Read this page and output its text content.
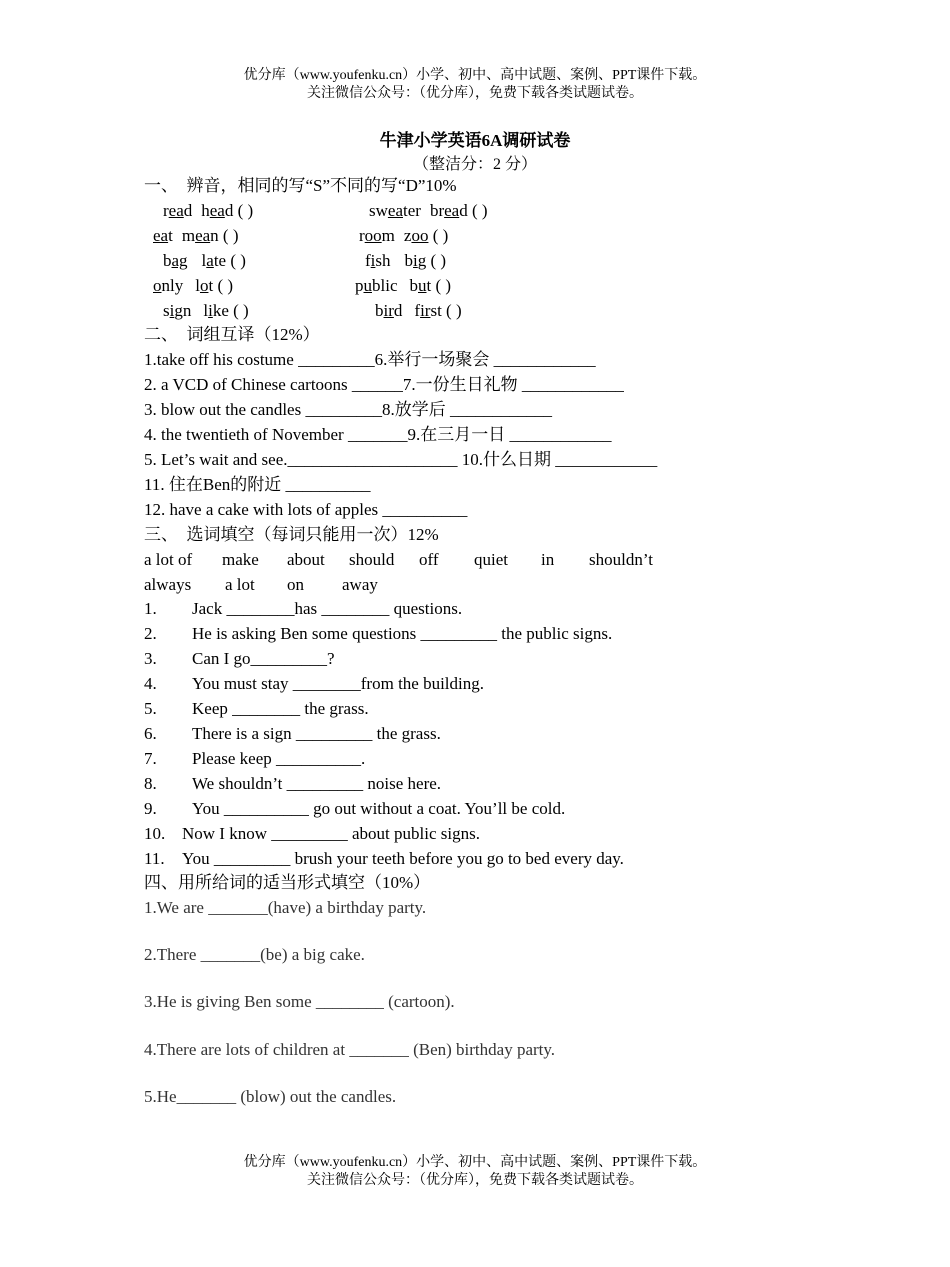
优分库（www.youfenku.cn）小学、初中、高中试题、案例、PPT课件下载。
关注微信公众号：（优分库），免费下载各类试题试卷。
牛津小学英语6A调研试卷
（整洁分：2 分）
一、　辨音，相同的写“S”不同的写“D”10%
read head ( )	sweater bread ( )
eat mean ( )	room zoo ( )
bag late ( )	fish big ( )
only lot ( )	public but ( )
sign like ( )	bird first ( )
二、　词组互译（12%）
1.take off his costume _________6.举行一场聚会 ____________
2. a VCD of Chinese cartoons ______7.一份生日礼物 ____________
3. blow out the candles _________8.放学后 ____________
4. the twentieth of November _______9.在三月一日 ____________
5. Let’s wait and see.____________________ 10.什么日期 ____________
11. 住在Ben的附近 __________
12. have a cake with lots of apples __________
三、　选词填空（每词只能用一次）12%
a lot of make about should off quiet in shouldn’t
always a lot on away
1. Jack ________has ________ questions.
2. He is asking Ben some questions _________ the public signs.
3. Can I go_________?
4. You must stay ________from the building.
5. Keep ________ the grass.
6. There is a sign _________ the grass.
7. Please keep __________.
8. We shouldn’t _________ noise here.
9. You __________ go out without a coat. You’ll be cold.
10. Now I know _________ about public signs.
11. You _________ brush your teeth before you go to bed every day.
四、用所给词的适当形式填空（10%）
1.We are _______(have) a birthday party.
2.There _______(be) a big cake.
3.He is giving Ben some ________ (cartoon).
4.There are lots of children at _______ (Ben) birthday party.
5.He_______ (blow) out the candles.
优分库（www.youfenku.cn）小学、初中、高中试题、案例、PPT课件下载。
关注微信公众号：（优分库），免费下载各类试题试卷。
